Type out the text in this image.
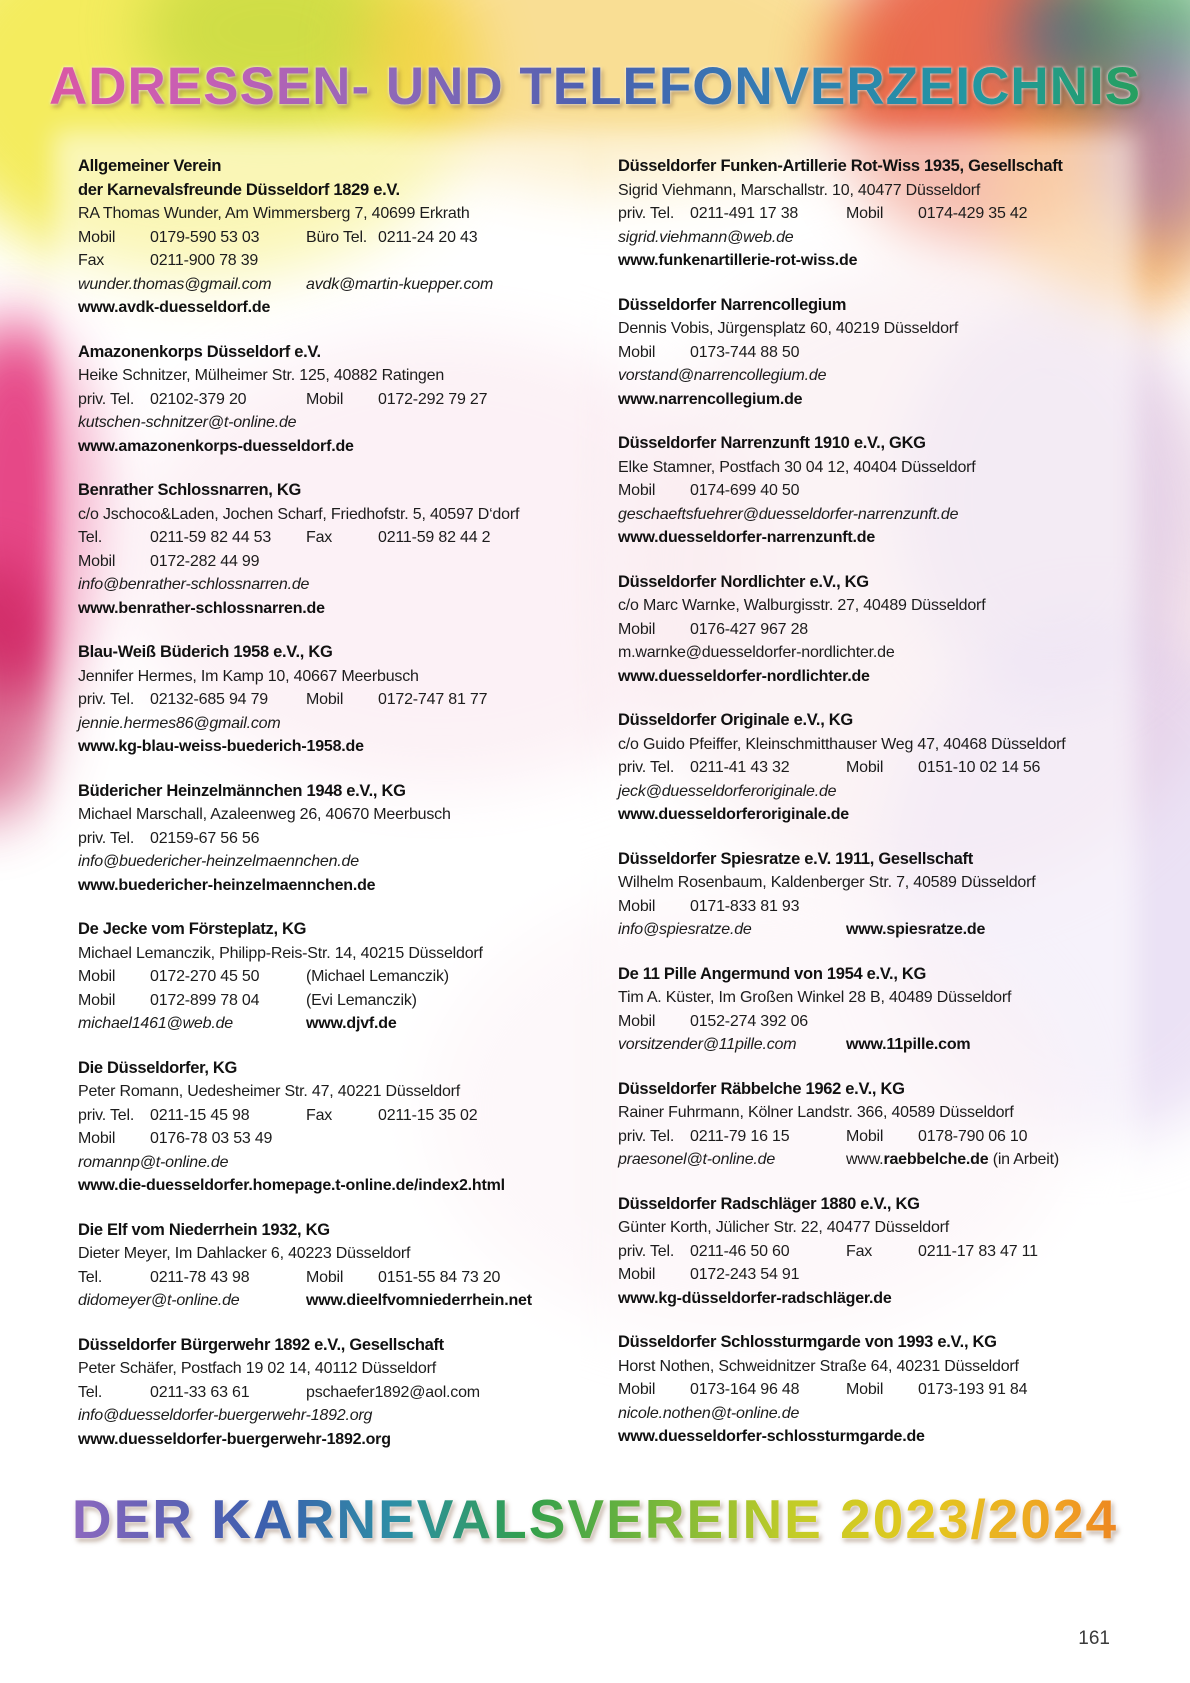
ADRESSEN- UND TELEFONVERZEICHNIS
Allgemeiner Verein
der Karnevalsfreunde Düsseldorf 1829 e.V.
RA Thomas Wunder, Am Wimmersberg 7, 40699 Erkrath
Mobil 0179-590 53 03	Büro Tel. 0211-24 20 43
Fax	0211-900 78 39
wunder.thomas@gmail.com avdk@martin-kuepper.com
www.avdk-duesseldorf.de
Amazonenkorps Düsseldorf e.V.
Heike Schnitzer, Mülheimer Str. 125, 40882 Ratingen
priv. Tel. 02102-379 20	Mobil 0172-292 79 27
kutschen-schnitzer@t-online.de
www.amazonenkorps-duesseldorf.de
Benrather Schlossnarren, KG
c/o Jschoco&Laden, Jochen Scharf, Friedhofstr. 5, 40597 D‘dorf
Tel.	0211-59 82 44 53 Fax	0211-59 82 44 2
Mobil 0172-282 44 99
info@benrather-schlossnarren.de
www.benrather-schlossnarren.de
Blau-Weiß Büderich 1958 e.V., KG
Jennifer Hermes, Im Kamp 10, 40667 Meerbusch
priv. Tel. 02132-685 94 79 Mobil 0172-747 81 77
jennie.hermes86@gmail.com
www.kg-blau-weiss-buederich-1958.de
Büdericher Heinzelmännchen 1948 e.V., KG
Michael Marschall, Azaleenweg 26, 40670 Meerbusch
priv. Tel. 02159-67 56 56
info@buedericher-heinzelmaennchen.de
www.buedericher-heinzelmaennchen.de
De Jecke vom Försteplatz, KG
Michael Lemanczik, Philipp-Reis-Str. 14, 40215 Düsseldorf
Mobil 0172-270 45 50	(Michael Lemanczik)
Mobil 0172-899 78 04	(Evi Lemanczik)
michael1461@web.de	www.djvf.de
Die Düsseldorfer, KG
Peter Romann, Uedesheimer Str. 47, 40221 Düsseldorf
priv. Tel. 0211-15 45 98	Fax	0211-15 35 02
Mobil 0176-78 03 53 49
romannp@t-online.de
www.die-duesseldorfer.homepage.t-online.de/index2.html
Die Elf vom Niederrhein 1932, KG
Dieter Meyer, Im Dahlacker 6, 40223 Düsseldorf
Tel.	0211-78 43 98	Mobil 0151-55 84 73 20
didomeyer@t-online.de	www.dieelfvomniederrhein.net
Düsseldorfer Bürgerwehr 1892 e.V., Gesellschaft
Peter Schäfer, Postfach 19 02 14, 40112 Düsseldorf
Tel.	0211-33 63 61	pschaefer1892@aol.com
info@duesseldorfer-buergerwehr-1892.org
www.duesseldorfer-buergerwehr-1892.org
Düsseldorfer Funken-Artillerie Rot-Wiss 1935, Gesellschaft
Sigrid Viehmann, Marschallstr. 10, 40477 Düsseldorf
priv. Tel. 0211-491 17 38	Mobil 0174-429 35 42
sigrid.viehmann@web.de
www.funkenartillerie-rot-wiss.de
Düsseldorfer Narrencollegium
Dennis Vobis, Jürgensplatz 60, 40219 Düsseldorf
Mobil 0173-744 88 50
vorstand@narrencollegium.de
www.narrencollegium.de
Düsseldorfer Narrenzunft 1910 e.V., GKG
Elke Stamner, Postfach 30 04 12, 40404 Düsseldorf
Mobil 0174-699 40 50
geschaeftsfuehrer@duesseldorfer-narrenzunft.de
www.duesseldorfer-narrenzunft.de
Düsseldorfer Nordlichter e.V., KG
c/o Marc Warnke, Walburgisstr. 27, 40489 Düsseldorf
Mobil 0176-427 967 28
m.warnke@duesseldorfer-nordlichter.de
www.duesseldorfer-nordlichter.de
Düsseldorfer Originale e.V., KG
c/o Guido Pfeiffer, Kleinschmitthauser Weg 47, 40468 Düsseldorf
priv. Tel. 0211-41 43 32	Mobil 0151-10 02 14 56
jeck@duesseldorferoriginale.de
www.duesseldorferoriginale.de
Düsseldorfer Spiesratze e.V. 1911, Gesellschaft
Wilhelm Rosenbaum, Kaldenberger Str. 7, 40589 Düsseldorf
Mobil 0171-833 81 93
info@spiesratze.de	www.spiesratze.de
De 11 Pille Angermund von 1954 e.V., KG
Tim A. Küster, Im Großen Winkel 28 B, 40489 Düsseldorf
Mobil 0152-274 392 06
vorsitzender@11pille.com	www.11pille.com
Düsseldorfer Räbbelche 1962 e.V., KG
Rainer Fuhrmann, Kölner Landstr. 366, 40589 Düsseldorf
priv. Tel. 0211-79 16 15	Mobil 0178-790 06 10
praesonel@t-online.de	www.raebbelche.de (in Arbeit)
Düsseldorfer Radschläger 1880 e.V., KG
Günter Korth, Jülicher Str. 22, 40477 Düsseldorf
priv. Tel. 0211-46 50 60	Fax	0211-17 83 47 11
Mobil 0172-243 54 91
www.kg-düsseldorfer-radschläger.de
Düsseldorfer Schlossturmgarde von 1993 e.V., KG
Horst Nothen, Schweidnitzer Straße 64, 40231 Düsseldorf
Mobil 0173-164 96 48	Mobil 0173-193 91 84
nicole.nothen@t-online.de
www.duesseldorfer-schlossturmgarde.de
DER KARNEVALSVEREINE 2023/2024
161
